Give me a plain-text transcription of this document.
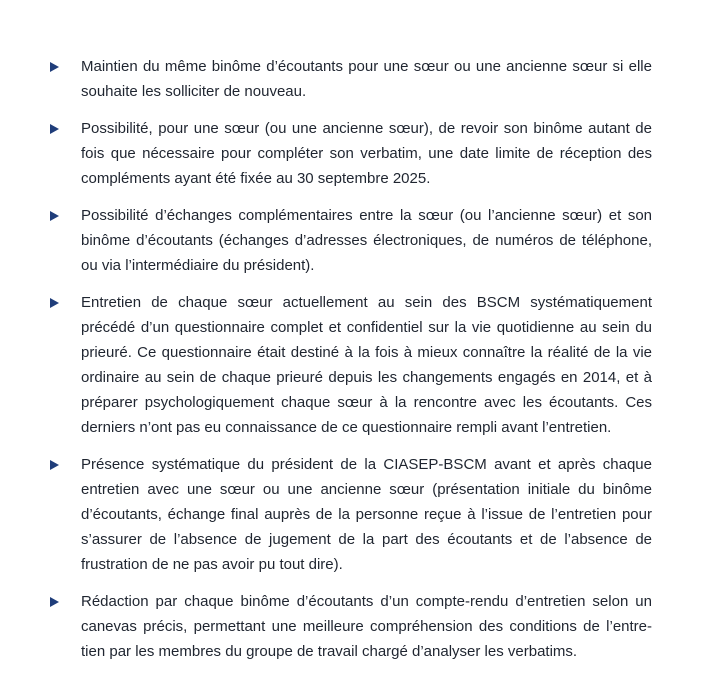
Maintien du même binôme d’écoutants pour une sœur ou une ancienne sœur si elle souhaite les solliciter de nouveau.
Possibilité, pour une sœur (ou une ancienne sœur), de revoir son binôme autant de fois que nécessaire pour compléter son verbatim, une date limite de réception des compléments ayant été fixée au 30 septembre 2025.
Possibilité d’échanges complémentaires entre la sœur (ou l’ancienne sœur) et son binôme d’écoutants (échanges d’adresses électroniques, de numéros de téléphone, ou via l’intermédiaire du président).
Entretien de chaque sœur actuellement au sein des BSCM systématiquement précédé d’un questionnaire complet et confidentiel sur la vie quotidienne au sein du prieuré. Ce questionnaire était destiné à la fois à mieux connaître la réalité de la vie ordinaire au sein de chaque prieuré depuis les changements engagés en 2014, et à préparer psychologiquement chaque sœur à la rencontre avec les écoutants. Ces derniers n’ont pas eu connaissance de ce questionnaire rempli avant l’entretien.
Présence systématique du président de la CIASEP-BSCM avant et après chaque entretien avec une sœur ou une ancienne sœur (présentation initiale du binôme d’écoutants, échange final auprès de la personne reçue à l’issue de l’entretien pour s’assurer de l’absence de jugement de la part des écoutants et de l’absence de frustration de ne pas avoir pu tout dire).
Rédaction par chaque binôme d’écoutants d’un compte-rendu d’entretien selon un canevas précis, permettant une meilleure compréhension des conditions de l’entre-tien par les membres du groupe de travail chargé d’analyser les verbatims.
